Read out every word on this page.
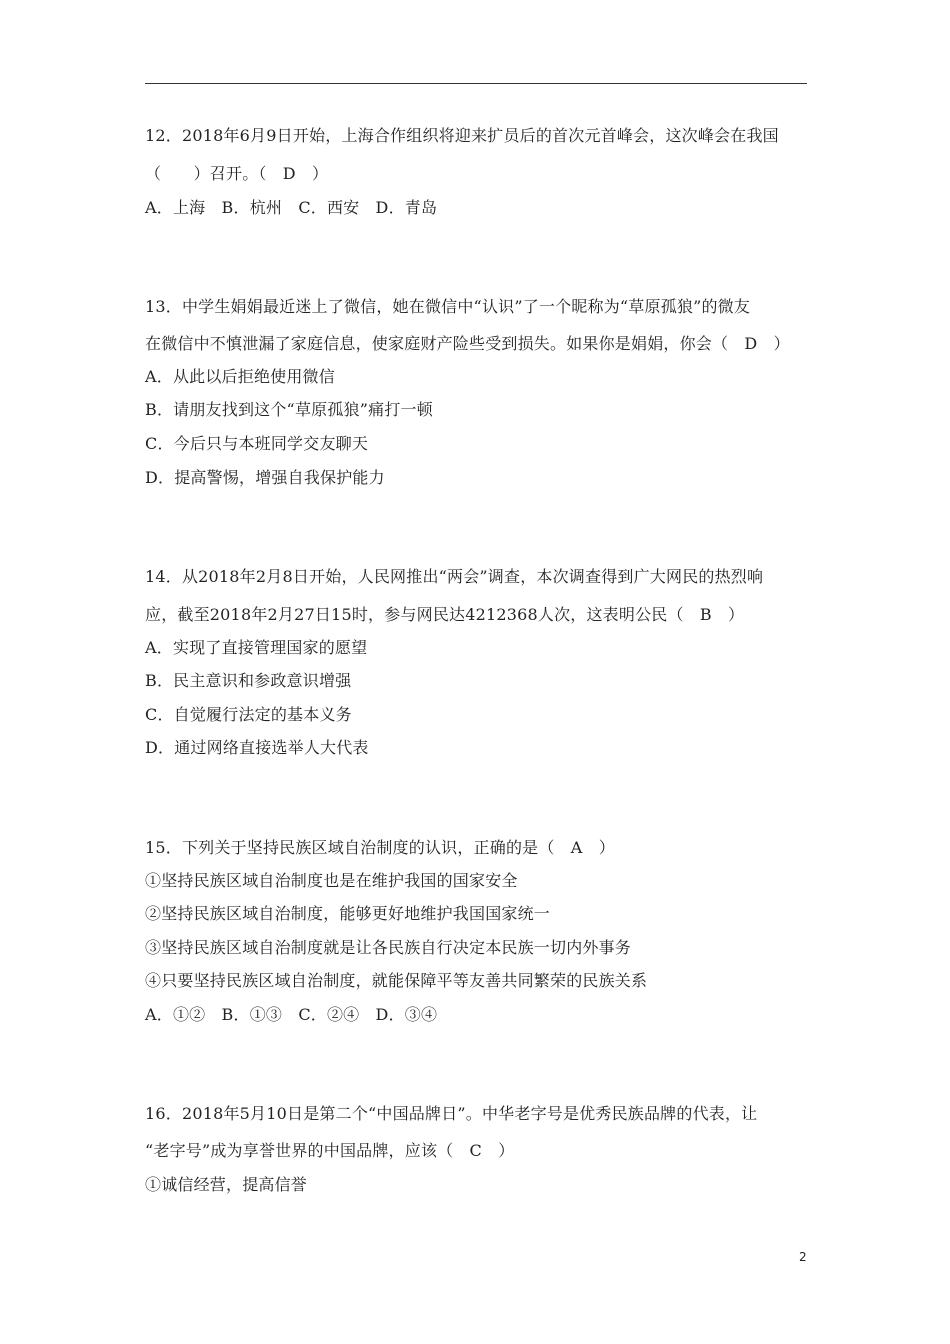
12．2018年6月9日开始，上海合作组织将迎来扩员后的首次元首峰会，这次峰会在我国
（　　）召开。（　D　）
A．上海　B．杭州　C．西安　D．青岛
13．中学生娟娟最近迷上了微信，她在微信中“认识”了一个昵称为“草原孤狼”的微友
在微信中不慎泄漏了家庭信息，使家庭财产险些受到损失。如果你是娟娟，你会（　D　）
A．从此以后拒绝使用微信
B．请朋友找到这个“草原孤狼”痛打一顿
C．今后只与本班同学交友聊天
D．提高警惕，增强自我保护能力
14．从2018年2月8日开始，人民网推出“两会”调查，本次调查得到广大网民的热烈响
应，截至2018年2月27日15时，参与网民达4212368人次，这表明公民（　B　）
A．实现了直接管理国家的愿望
B．民主意识和参政意识增强
C．自觉履行法定的基本义务
D．通过网络直接选举人大代表
15．下列关于坚持民族区域自治制度的认识，正确的是（　A　）
①坚持民族区域自治制度也是在维护我国的国家安全
②坚持民族区域自治制度，能够更好地维护我国国家统一
③坚持民族区域自治制度就是让各民族自行决定本民族一切内外事务
④只要坚持民族区域自治制度，就能保障平等友善共同繁荣的民族关系
A．①②　B．①③　C．②④　D．③④
16．2018年5月10日是第二个“中国品牌日”。中华老字号是优秀民族品牌的代表，让
“老字号”成为享誉世界的中国品牌，应该（　C　）
①诚信经营，提高信誉
2
